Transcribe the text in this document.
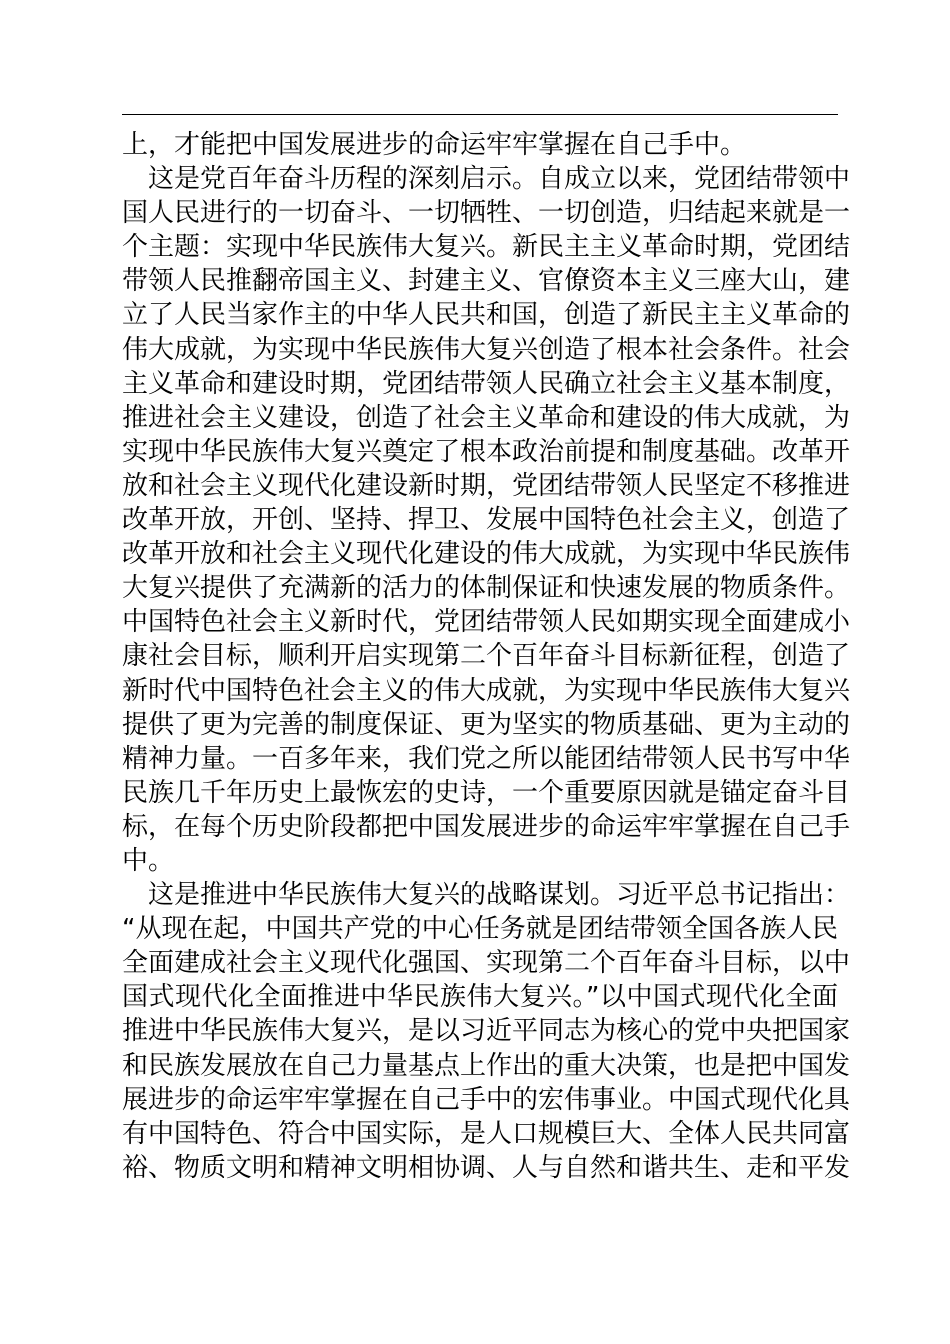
上，才能把中国发展进步的命运牢牢掌握在自己手中。
这是党百年奋斗历程的深刻启示。自成立以来，党团结带领中
国人民进行的一切奋斗、一切牺牲、一切创造，归结起来就是一
个主题：实现中华民族伟大复兴。新民主主义革命时期，党团结
带领人民推翻帝国主义、封建主义、官僚资本主义三座大山，建
立了人民当家作主的中华人民共和国，创造了新民主主义革命的
伟大成就，为实现中华民族伟大复兴创造了根本社会条件。社会
主义革命和建设时期，党团结带领人民确立社会主义基本制度，
推进社会主义建设，创造了社会主义革命和建设的伟大成就，为
实现中华民族伟大复兴奠定了根本政治前提和制度基础。改革开
放和社会主义现代化建设新时期，党团结带领人民坚定不移推进
改革开放，开创、坚持、捍卫、发展中国特色社会主义，创造了
改革开放和社会主义现代化建设的伟大成就，为实现中华民族伟
大复兴提供了充满新的活力的体制保证和快速发展的物质条件。
中国特色社会主义新时代，党团结带领人民如期实现全面建成小
康社会目标，顺利开启实现第二个百年奋斗目标新征程，创造了
新时代中国特色社会主义的伟大成就，为实现中华民族伟大复兴
提供了更为完善的制度保证、更为坚实的物质基础、更为主动的
精神力量。一百多年来，我们党之所以能团结带领人民书写中华
民族几千年历史上最恢宏的史诗，一个重要原因就是锚定奋斗目
标，在每个历史阶段都把中国发展进步的命运牢牢掌握在自己手
中。
这是推进中华民族伟大复兴的战略谋划。习近平总书记指出：
“从现在起，中国共产党的中心任务就是团结带领全国各族人民
全面建成社会主义现代化强国、实现第二个百年奋斗目标，以中
国式现代化全面推进中华民族伟大复兴。”以中国式现代化全面
推进中华民族伟大复兴，是以习近平同志为核心的党中央把国家
和民族发展放在自己力量基点上作出的重大决策，也是把中国发
展进步的命运牢牢掌握在自己手中的宏伟事业。中国式现代化具
有中国特色、符合中国实际，是人口规模巨大、全体人民共同富
裕、物质文明和精神文明相协调、人与自然和谐共生、走和平发
